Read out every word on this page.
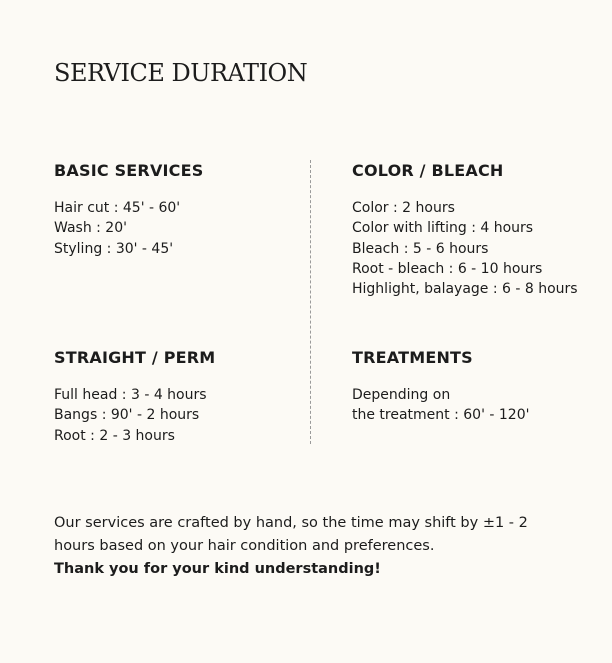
SERVICE DURATION
BASIC SERVICES
Hair cut : 45' - 60'
Wash : 20'
Styling : 30' - 45'
COLOR / BLEACH
Color : 2 hours
Color with lifting : 4 hours
Bleach : 5 - 6 hours
Root - bleach : 6 - 10 hours
Highlight, balayage : 6 - 8 hours
STRAIGHT / PERM
Full head : 3 - 4 hours
Bangs : 90' - 2 hours
Root : 2 - 3 hours
TREATMENTS
Depending on
the treatment : 60' - 120'

Our services are crafted by hand, so the time may shift by ±1 - 2

hours based on your hair condition and preferences.

Thank you for your kind understanding!
